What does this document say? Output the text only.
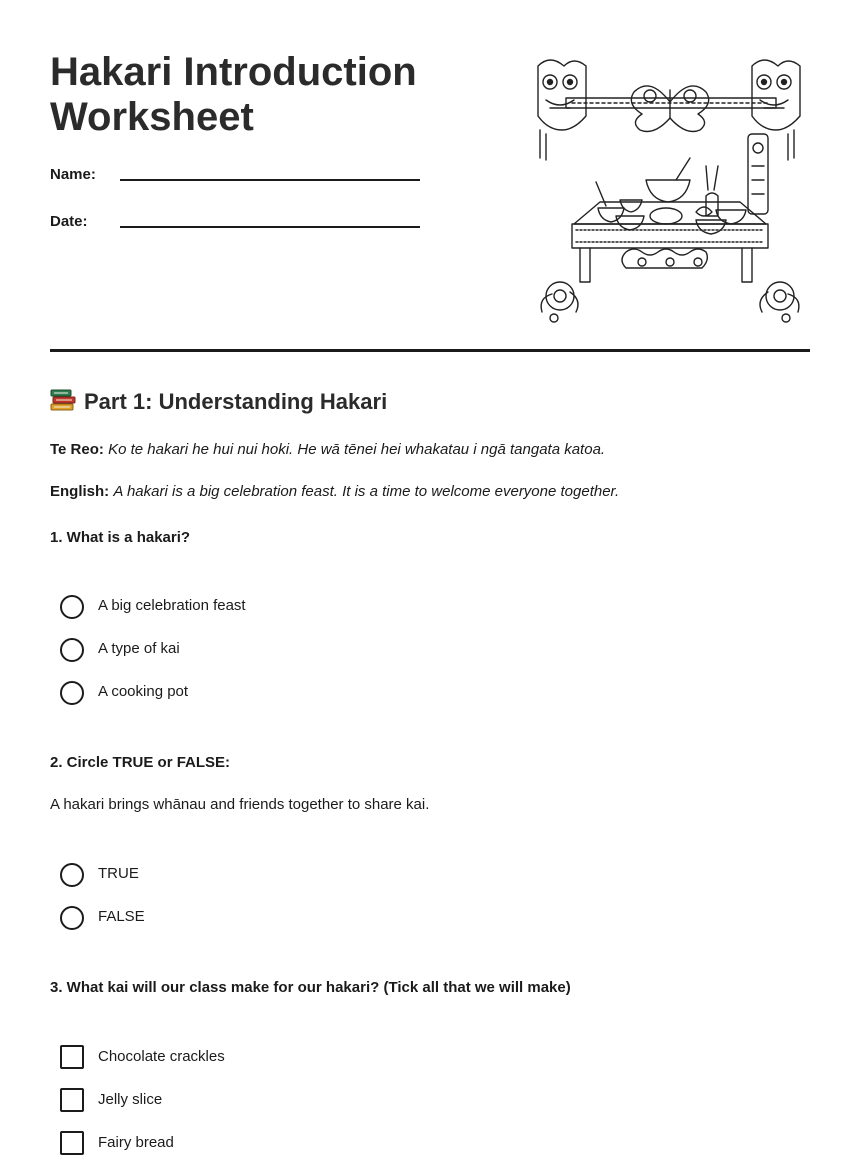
Hakari Introduction
Worksheet
Name:
Date:
Part 1: Understanding Hakari
Te Reo: Ko te hakari he hui nui hoki. He wā tēnei hei whakatau i ngā tangata katoa.
English: A hakari is a big celebration feast. It is a time to welcome everyone together.
1. What is a hakari?
A big celebration feast
A type of kai
A cooking pot
2. Circle TRUE or FALSE:
A hakari brings whānau and friends together to share kai.
TRUE
FALSE
3. What kai will our class make for our hakari? (Tick all that we will make)
Chocolate crackles
Jelly slice
Fairy bread
